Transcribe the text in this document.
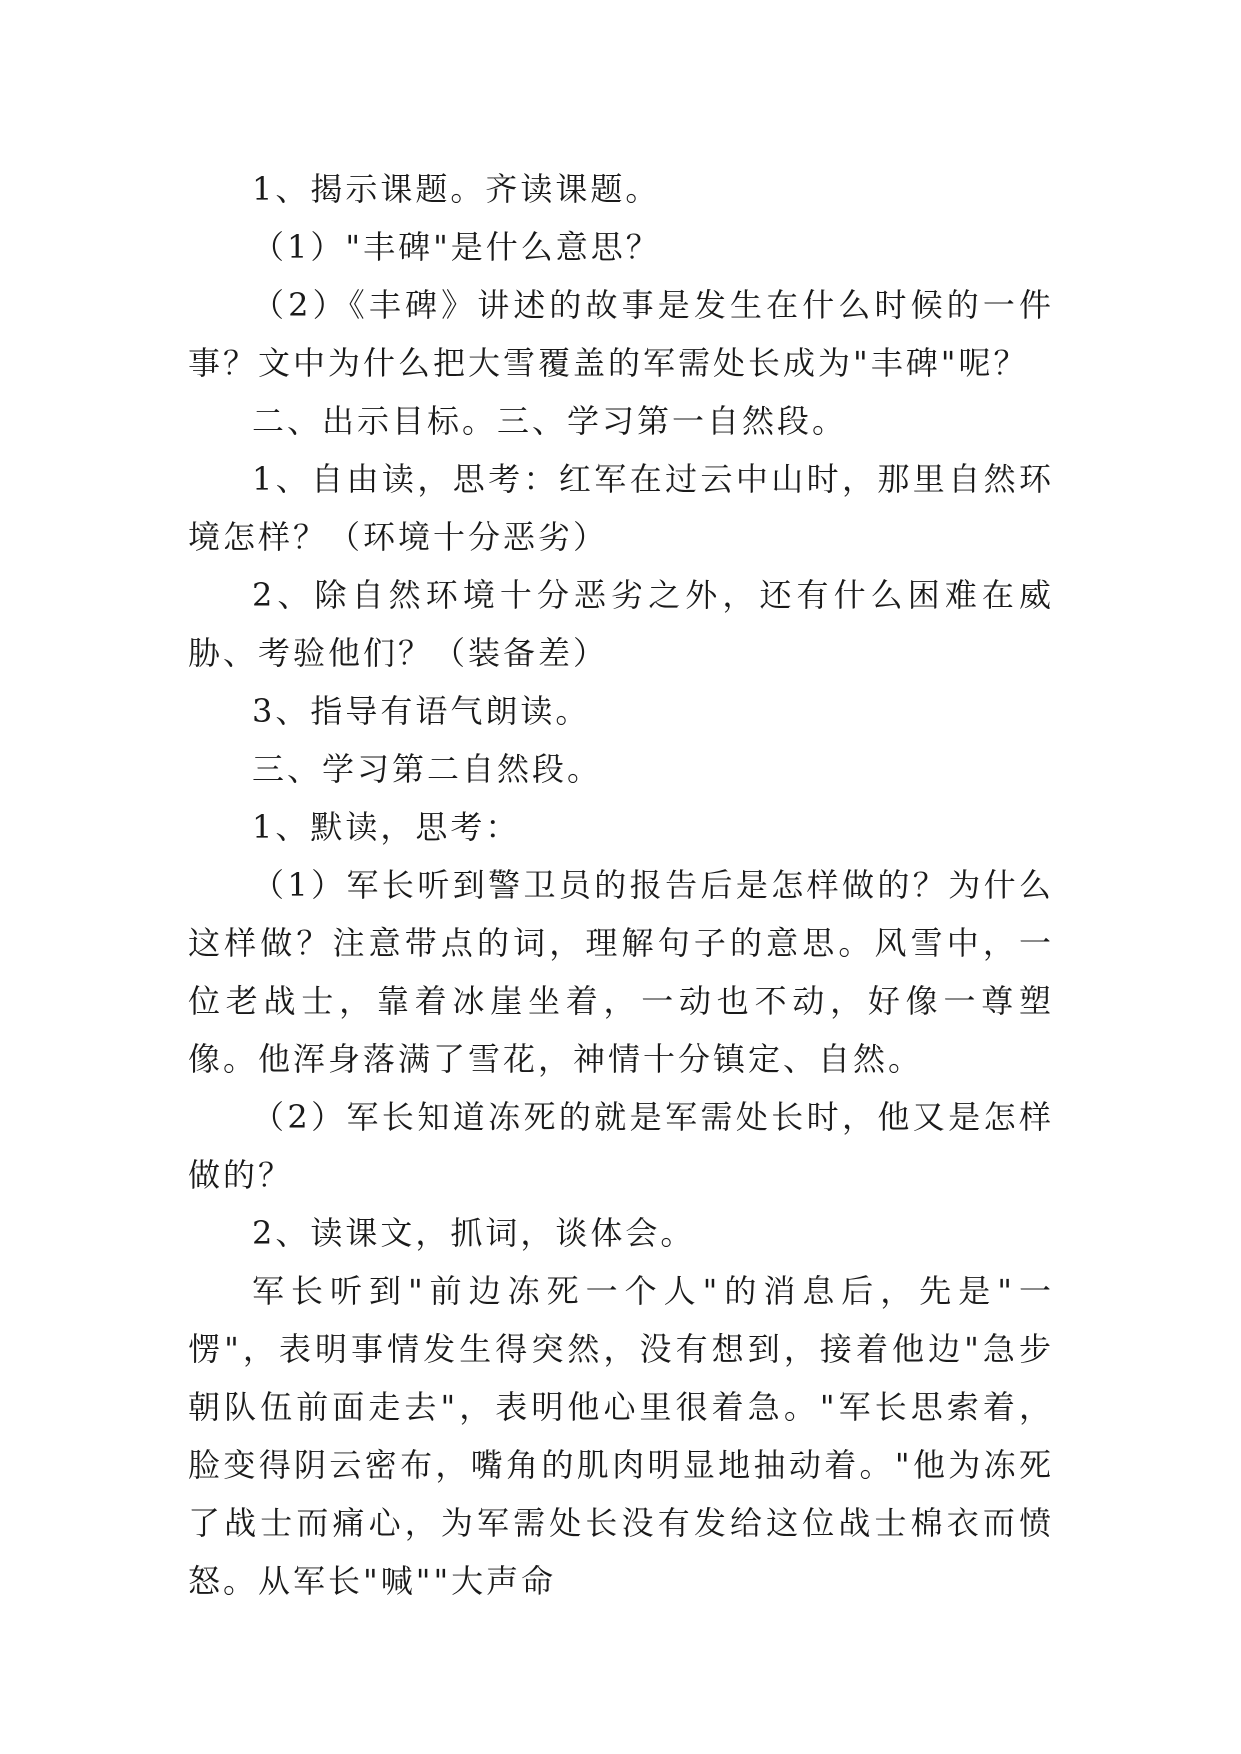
1、揭示课题。齐读课题。

（1）"丰碑"是什么意思？

（2）《丰碑》讲述的故事是发生在什么时候的一件事？文中为什么把大雪覆盖的军需处长成为"丰碑"呢？

二、出示目标。三、学习第一自然段。

1、自由读，思考：红军在过云中山时，那里自然环境怎样？（环境十分恶劣）

2、除自然环境十分恶劣之外，还有什么困难在威胁、考验他们？（装备差）

3、指导有语气朗读。

三、学习第二自然段。

1、默读，思考：

（1）军长听到警卫员的报告后是怎样做的？为什么这样做？注意带点的词，理解句子的意思。风雪中，一位老战士，靠着冰崖坐着，一动也不动，好像一尊塑像。他浑身落满了雪花，神情十分镇定、自然。

（2）军长知道冻死的就是军需处长时，他又是怎样做的？

2、读课文，抓词，谈体会。

军长听到"前边冻死一个人"的消息后，先是"一愣"，表明事情发生得突然，没有想到，接着他边"急步朝队伍前面走去"，表明他心里很着急。"军长思索着，脸变得阴云密布，嘴角的肌肉明显地抽动着。"他为冻死了战士而痛心，为军需处长没有发给这位战士棉衣而愤怒。从军长"喊""大声命
